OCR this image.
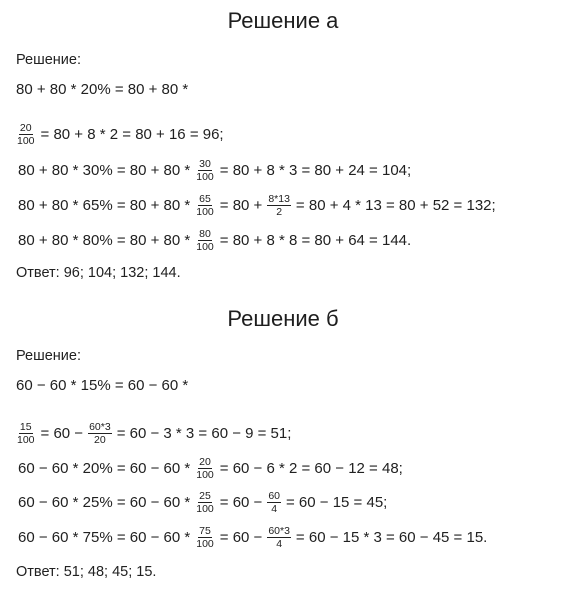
Решение а
Решение:
80 + 80 * 20% = 80 + 80 *
$\frac{20}{100} = 80 + 8 * 2 = 80 + 16 = 96$;
$80 + 80 * 30\% = 80 + 80 * \frac{30}{100} = 80 + 8 * 3 = 80 + 24 = 104$;
$80 + 80 * 65\% = 80 + 80 * \frac{65}{100} = 80 + \frac{8*13}{2} = 80 + 4 * 13 = 80 + 52 = 132$;
$80 + 80 * 80\% = 80 + 80 * \frac{80}{100} = 80 + 8 * 8 = 80 + 64 = 144$.
Ответ: 96; 104; 132; 144.
Решение б
Решение:
60 − 60 * 15% = 60 − 60 *
$\frac{15}{100} = 60 - \frac{60*3}{20} = 60 - 3 * 3 = 60 - 9 = 51$;
$60 - 60 * 20\% = 60 - 60 * \frac{20}{100} = 60 - 6 * 2 = 60 - 12 = 48$;
$60 - 60 * 25\% = 60 - 60 * \frac{25}{100} = 60 - \frac{60}{4} = 60 - 15 = 45$;
$60 - 60 * 75\% = 60 - 60 * \frac{75}{100} = 60 - \frac{60*3}{4} = 60 - 15 * 3 = 60 - 45 = 15$.
Ответ: 51; 48; 45; 15.
